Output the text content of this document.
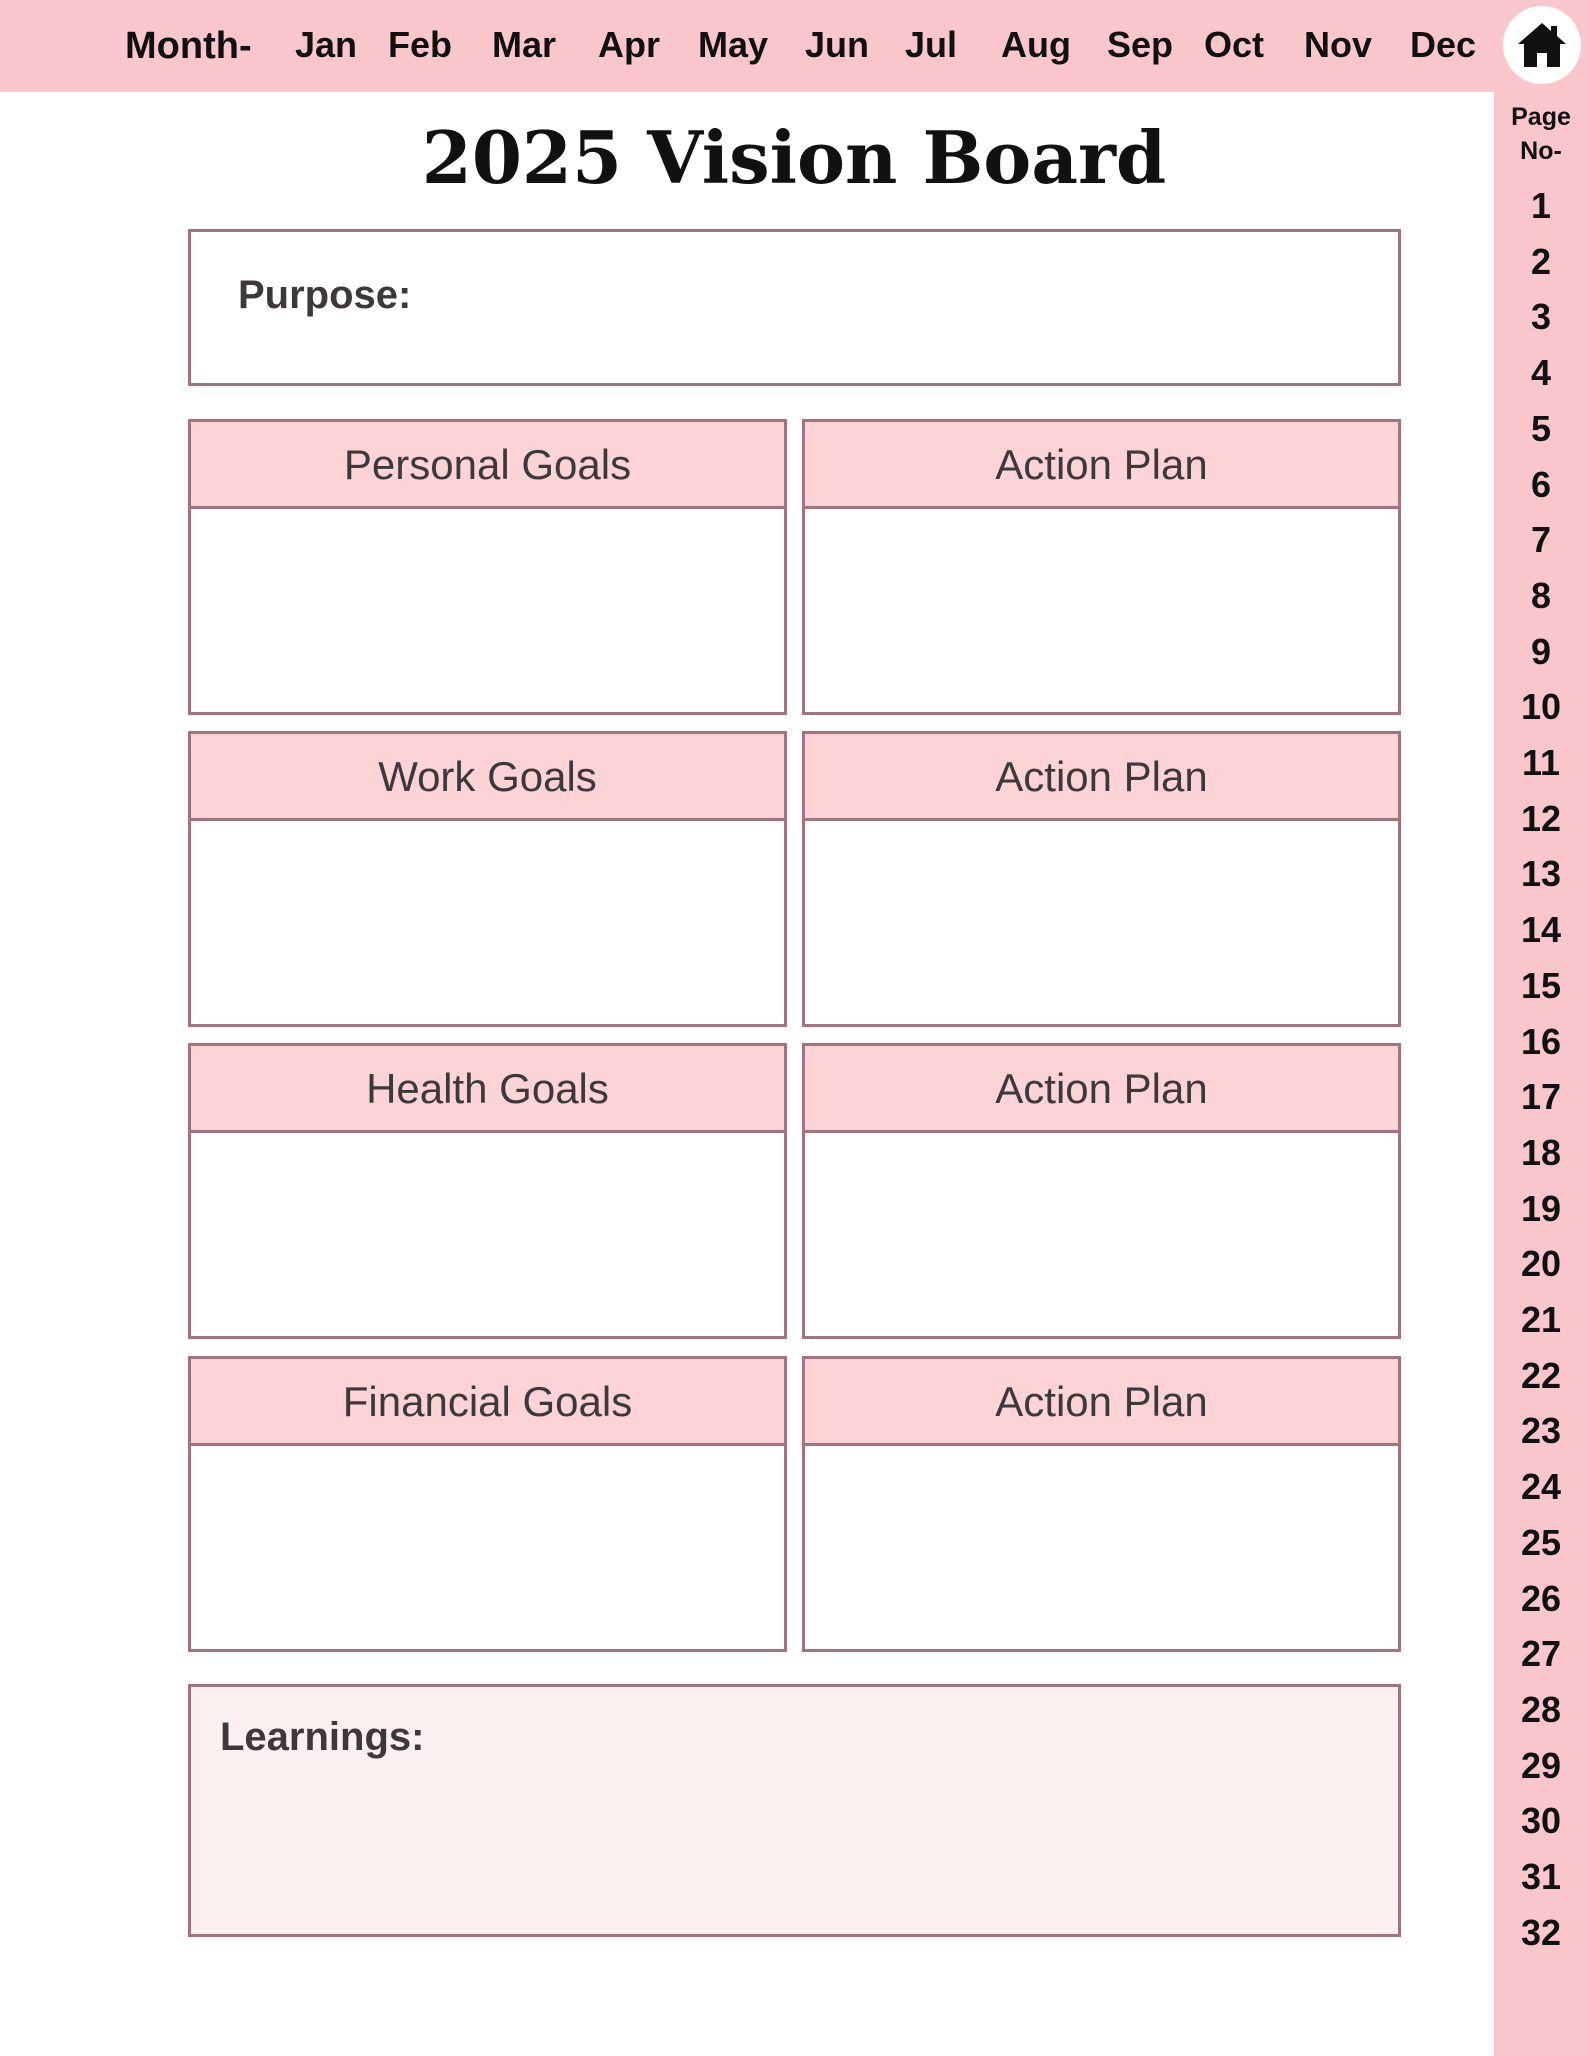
Month- Jan Feb Mar Apr May Jun Jul Aug Sep Oct Nov Dec
Page
No-
1
2
3
4
5
6
7
8
9
10
11
12
13
14
15
16
17
18
19
20
21
22
23
24
25
26
27
28
29
30
31
32
2025 Vision Board
Purpose:
Personal Goals	Action Plan
Work Goals	Action Plan
Health Goals	Action Plan
Financial Goals	Action Plan
Learnings:
